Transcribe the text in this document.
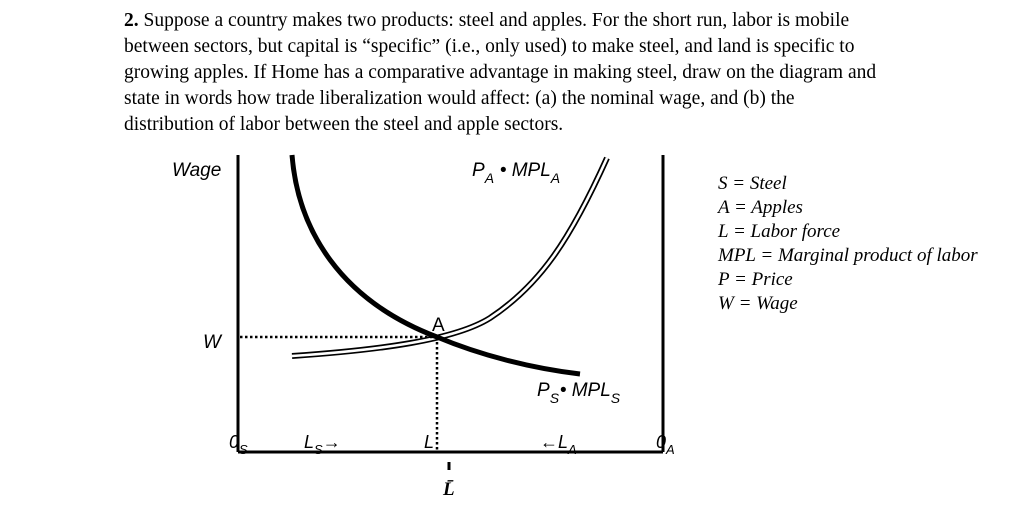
2. Suppose a country makes two products: steel and apples. For the short run, labor is mobile
between sectors, but capital is “specific” (i.e., only used) to make steel, and land is specific to
growing apples. If Home has a comparative advantage in making steel, draw on the diagram and
state in words how trade liberalization would affect: (a) the nominal wage, and (b) the
distribution of labor between the steel and apple sectors.
Wage
W
A
$P_A$ • $MPL_A$
$P_S•$ $MPL_S$
$0_S$	$L_S\to$	L	$\leftarrow L_A$	$0_A$
L̄
S = Steel
A = Apples
L = Labor force
MPL = Marginal product of labor
P = Price
W = Wage
